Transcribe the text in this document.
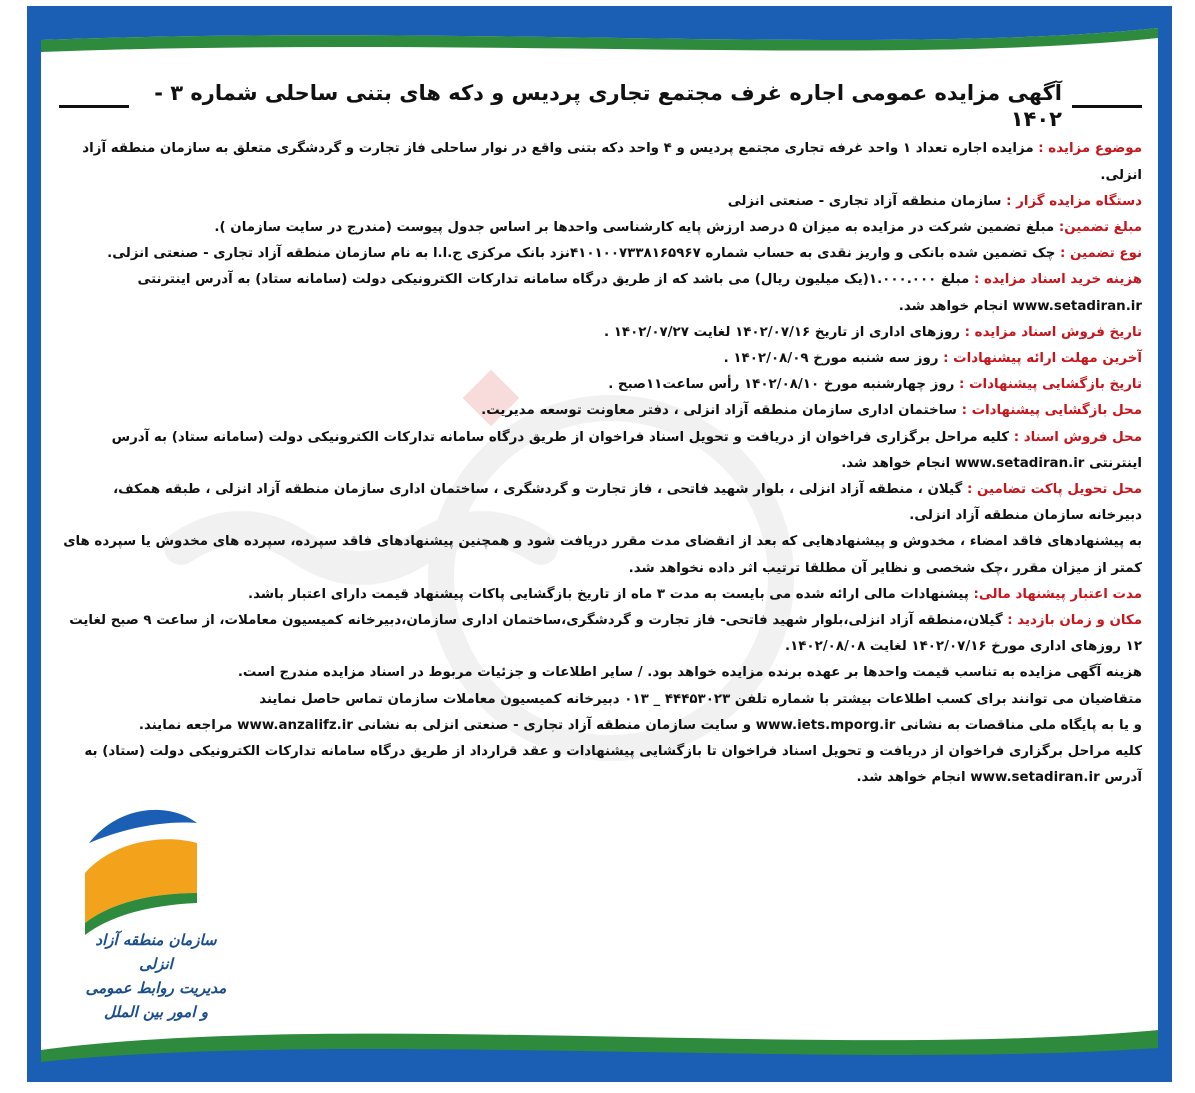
سازمان منطقه آزاد انزلی
مدیریت روابط عمومی و امور بین الملل
آگهی مزایده عمومی اجاره غرف مجتمع تجاری پردیس و دکه های بتنی ساحلی شماره ۳ - ۱۴۰۲

موضوع مزایده : مزایده اجاره تعداد ۱ واحد غرفه تجاری مجتمع پردیس و ۴ واحد دکه بتنی واقع در نوار ساحلی فاز تجارت و گردشگری متعلق به سازمان منطقه آزاد انزلی.

دستگاه مزایده گزار : سازمان منطقه آزاد تجاری - صنعتی انزلی

مبلغ تضمین: مبلغ تضمین شرکت در مزایده به میزان ۵ درصد ارزش پایه کارشناسی واحدها بر اساس جدول پیوست (مندرج در سایت سازمان ).

نوع تضمین : چک تضمین شده بانکی و واریز نقدی به حساب شماره ۴۱۰۱۰۰۷۳۳۸۱۶۵۹۶۷نزد بانک مرکزی ج.ا.ا به نام سازمان منطقه آزاد تجاری - صنعتی انزلی.

هزینه خرید اسناد مزایده : مبلغ ۱.۰۰۰.۰۰۰(یک میلیون ریال) می باشد که از طریق درگاه سامانه تدارکات الکترونیکی دولت (سامانه ستاد) به آدرس اینترنتی www.setadiran.ir انجام خواهد شد.

تاریخ فروش اسناد مزایده : روزهای اداری از تاریخ ۱۴۰۲/۰۷/۱۶ لغایت ۱۴۰۲/۰۷/۲۷ .

آخرین مهلت ارائه پیشنهادات : روز سه شنبه مورخ ۱۴۰۲/۰۸/۰۹ .

تاریخ بازگشایی پیشنهادات : روز چهارشنبه مورخ ۱۴۰۲/۰۸/۱۰ رأس ساعت۱۱صبح .

محل بازگشایی پیشنهادات : ساختمان اداری سازمان منطقه آزاد انزلی ، دفتر معاونت توسعه مدیریت.

محل فروش اسناد : کلیه مراحل برگزاری فراخوان از دریافت و تحویل اسناد فراخوان از طریق درگاه سامانه تدارکات الکترونیکی دولت (سامانه ستاد) به آدرس اینترنتی www.setadiran.ir انجام خواهد شد.

محل تحویل پاکت تضامین : گیلان ، منطقه آزاد انزلی ، بلوار شهید فاتحی ، فاز تجارت و گردشگری ، ساختمان اداری سازمان منطقه آزاد انزلی ، طبقه همکف، دبیرخانه سازمان منطقه آزاد انزلی.

به پیشنهادهای فاقد امضاء ، مخدوش و پیشنهادهایی که بعد از انقضای مدت مقرر دریافت شود و همچنین پیشنهادهای فاقد سپرده، سپرده های مخدوش یا سپرده های کمتر از میزان مقرر ،چک شخصی و نظایر آن مطلقا ترتیب اثر داده نخواهد شد.

مدت اعتبار پیشنهاد مالی: پیشنهادات مالی ارائه شده می بایست به مدت ۳ ماه از تاریخ بازگشایی پاکات پیشنهاد قیمت دارای اعتبار باشد.

مکان و زمان بازدید : گیلان،منطقه آزاد انزلی،بلوار شهید فاتحی- فاز تجارت و گردشگری،ساختمان اداری سازمان،دبیرخانه کمیسیون معاملات، از ساعت ۹ صبح لغایت ۱۲ روزهای اداری مورخ ۱۴۰۲/۰۷/۱۶ لغایت ۱۴۰۲/۰۸/۰۸.

هزینه آگهی مزایده به تناسب قیمت واحدها بر عهده برنده مزایده خواهد بود. / سایر اطلاعات و جزئیات مربوط در اسناد مزایده مندرج است.

متقاضیان می توانند برای کسب اطلاعات بیشتر با شماره تلفن ۴۴۴۵۳۰۲۳ _ ۰۱۳ دبیرخانه کمیسیون معاملات سازمان تماس حاصل نمایند

و یا به پایگاه ملی مناقصات به نشانی www.iets.mporg.ir و سایت سازمان منطقه آزاد تجاری - صنعتی انزلی به نشانی www.anzalifz.ir مراجعه نمایند.

کلیه مراحل برگزاری فراخوان از دریافت و تحویل اسناد فراخوان تا بازگشایی پیشنهادات و عقد قرارداد از طریق درگاه سامانه تدارکات الکترونیکی دولت (ستاد) به آدرس www.setadiran.ir انجام خواهد شد.
